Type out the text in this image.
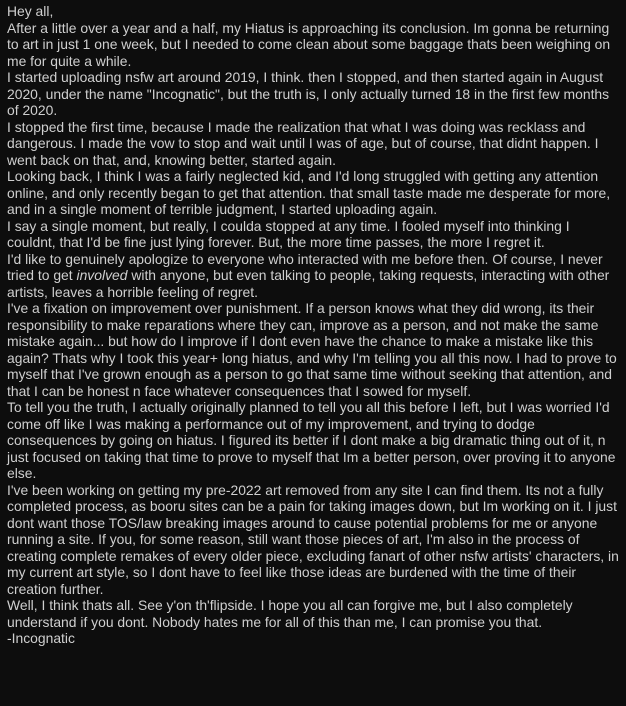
Hey all,

After a little over a year and a half, my Hiatus is approaching its conclusion. Im gonna be returning to art in just 1 one week, but I needed to come clean about some baggage thats been weighing on me for quite a while.

I started uploading nsfw art around 2019, I think. then I stopped, and then started again in August 2020, under the name "Incognatic", but the truth is, I only actually turned 18 in the first few months of 2020.

I stopped the first time, because I made the realization that what I was doing was recklass and dangerous. I made the vow to stop and wait until I was of age, but of course, that didnt happen. I went back on that, and, knowing better, started again.

Looking back, I think I was a fairly neglected kid, and I'd long struggled with getting any attention online, and only recently began to get that attention. that small taste made me desperate for more, and in a single moment of terrible judgment, I started uploading again.

I say a single moment, but really, I coulda stopped at any time. I fooled myself into thinking I couldnt, that I'd be fine just lying forever. But, the more time passes, the more I regret it.

I'd like to genuinely apologize to everyone who interacted with me before then. Of course, I never tried to get involved with anyone, but even talking to people, taking requests, interacting with other artists, leaves a horrible feeling of regret.

I've a fixation on improvement over punishment. If a person knows what they did wrong, its their responsibility to make reparations where they can, improve as a person, and not make the same mistake again... but how do I improve if I dont even have the chance to make a mistake like this again? Thats why I took this year+ long hiatus, and why I'm telling you all this now. I had to prove to myself that I've grown enough as a person to go that same time without seeking that attention, and that I can be honest n face whatever consequences that I sowed for myself.

To tell you the truth, I actually originally planned to tell you all this before I left, but I was worried I'd come off like I was making a performance out of my improvement, and trying to dodge consequences by going on hiatus. I figured its better if I dont make a big dramatic thing out of it, n just focused on taking that time to prove to myself that Im a better person, over proving it to anyone else.

I've been working on getting my pre-2022 art removed from any site I can find them. Its not a fully completed process, as booru sites can be a pain for taking images down, but Im working on it. I just dont want those TOS/law breaking images around to cause potential problems for me or anyone running a site. If you, for some reason, still want those pieces of art, I'm also in the process of creating complete remakes of every older piece, excluding fanart of other nsfw artists' characters, in my current art style, so I dont have to feel like those ideas are burdened with the time of their creation further.

Well, I think thats all. See y'on th'flipside. I hope you all can forgive me, but I also completely understand if you dont. Nobody hates me for all of this than me, I can promise you that.

-Incognatic
